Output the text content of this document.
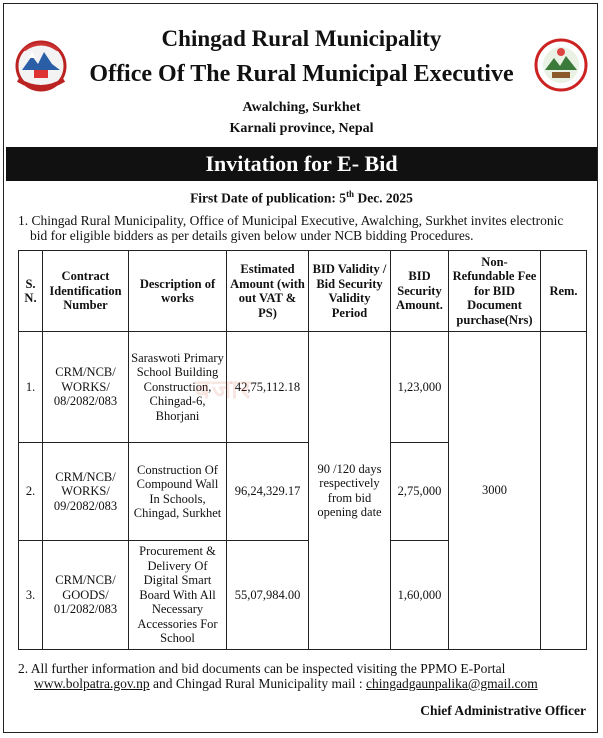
Chingad Rural Municipality
Office Of The Rural Municipal Executive
Awalching, Surkhet
Karnali province, Nepal
Invitation for E- Bid
First Date of publication: 5th Dec. 2025
1. Chingad Rural Municipality, Office of Municipal Executive, Awalching, Surkhet invites electronic
bid for eligible bidders as per details given below under NCB bidding Procedures.
S. N.	Contract Identification Number	Description of works	Estimated Amount (with out VAT & PS)	BID Validity / Bid Security Validity Period	BID Security Amount.	Non-Refundable Fee for BID Document purchase(Nrs)	Rem.
1.	CRM/NCB/ WORKS/ 08/2082/083	Saraswoti Primary School Building Construction, Chingad-6, Bhorjani	42,75,112.18	90 /120 days respectively from bid opening date	1,23,000	3000	
2.	CRM/NCB/ WORKS/ 09/2082/083	Construction Of Compound Wall In Schools, Chingad, Surkhet	96,24,329.17		2,75,000		
3.	CRM/NCB/ GOODS/ 01/2082/083	Procurement & Delivery Of Digital Smart Board With All Necessary Accessories For School	55,07,984.00		1,60,000		
बजार
2. All further information and bid documents can be inspected visiting the PPMO E-Portal
www.bolpatra.gov.np and Chingad Rural Municipality mail : chingadgaunpalika@gmail.com
Chief Administrative Officer
